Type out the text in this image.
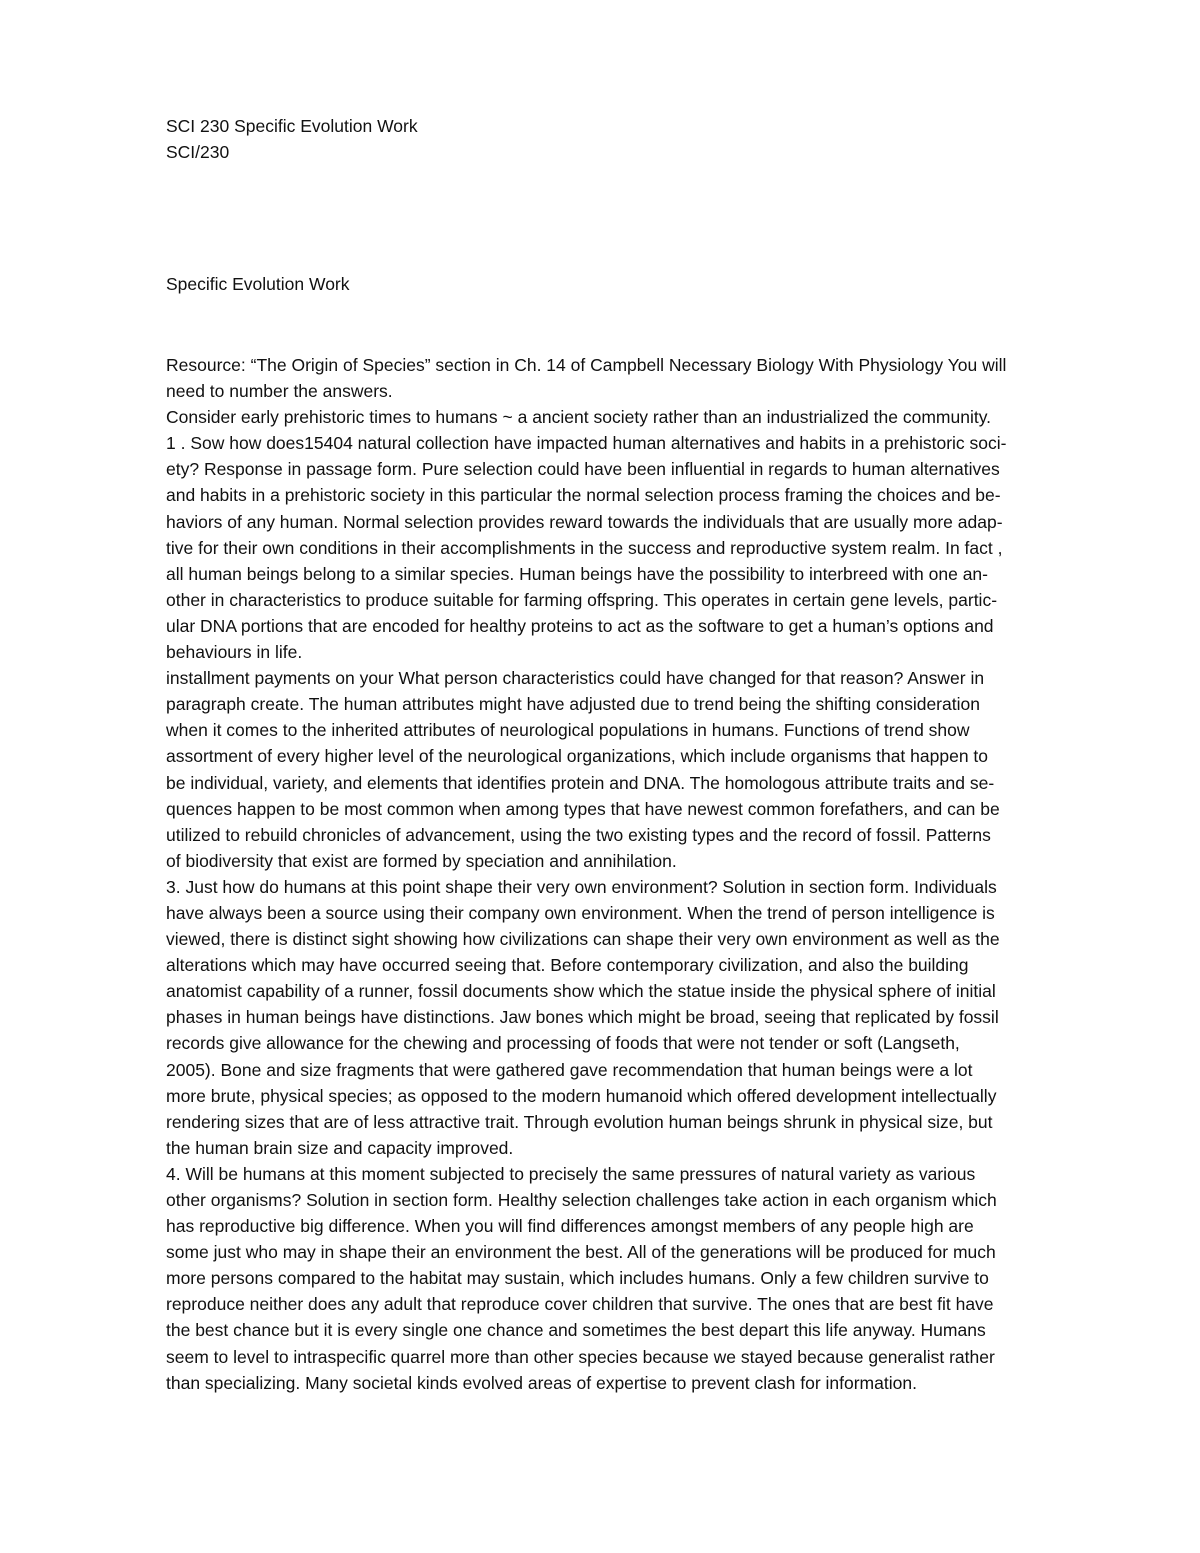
SCI 230 Specific Evolution Work
SCI/230
Specific Evolution Work
Resource: “The Origin of Species” section in Ch. 14 of Campbell Necessary Biology With Physiology You will
need to number the answers.
Consider early prehistoric times to humans ~ a ancient society rather than an industrialized the community.
1 . Sow how does15404 natural collection have impacted human alternatives and habits in a prehistoric soci-
ety? Response in passage form. Pure selection could have been influential in regards to human alternatives
and habits in a prehistoric society in this particular the normal selection process framing the choices and be-
haviors of any human. Normal selection provides reward towards the individuals that are usually more adap-
tive for their own conditions in their accomplishments in the success and reproductive system realm. In fact ,
all human beings belong to a similar species. Human beings have the possibility to interbreed with one an-
other in characteristics to produce suitable for farming offspring. This operates in certain gene levels, partic-
ular DNA portions that are encoded for healthy proteins to act as the software to get a human’s options and
behaviours in life.
installment payments on your What person characteristics could have changed for that reason? Answer in
paragraph create. The human attributes might have adjusted due to trend being the shifting consideration
when it comes to the inherited attributes of neurological populations in humans. Functions of trend show
assortment of every higher level of the neurological organizations, which include organisms that happen to
be individual, variety, and elements that identifies protein and DNA. The homologous attribute traits and se-
quences happen to be most common when among types that have newest common forefathers, and can be
utilized to rebuild chronicles of advancement, using the two existing types and the record of fossil. Patterns
of biodiversity that exist are formed by speciation and annihilation.
3. Just how do humans at this point shape their very own environment? Solution in section form. Individuals
have always been a source using their company own environment. When the trend of person intelligence is
viewed, there is distinct sight showing how civilizations can shape their very own environment as well as the
alterations which may have occurred seeing that. Before contemporary civilization, and also the building
anatomist capability of a runner, fossil documents show which the statue inside the physical sphere of initial
phases in human beings have distinctions. Jaw bones which might be broad, seeing that replicated by fossil
records give allowance for the chewing and processing of foods that were not tender or soft (Langseth,
2005). Bone and size fragments that were gathered gave recommendation that human beings were a lot
more brute, physical species; as opposed to the modern humanoid which offered development intellectually
rendering sizes that are of less attractive trait. Through evolution human beings shrunk in physical size, but
the human brain size and capacity improved.
4. Will be humans at this moment subjected to precisely the same pressures of natural variety as various
other organisms? Solution in section form. Healthy selection challenges take action in each organism which
has reproductive big difference. When you will find differences amongst members of any people high are
some just who may in shape their an environment the best. All of the generations will be produced for much
more persons compared to the habitat may sustain, which includes humans. Only a few children survive to
reproduce neither does any adult that reproduce cover children that survive. The ones that are best fit have
the best chance but it is every single one chance and sometimes the best depart this life anyway. Humans
seem to level to intraspecific quarrel more than other species because we stayed because generalist rather
than specializing. Many societal kinds evolved areas of expertise to prevent clash for information.
